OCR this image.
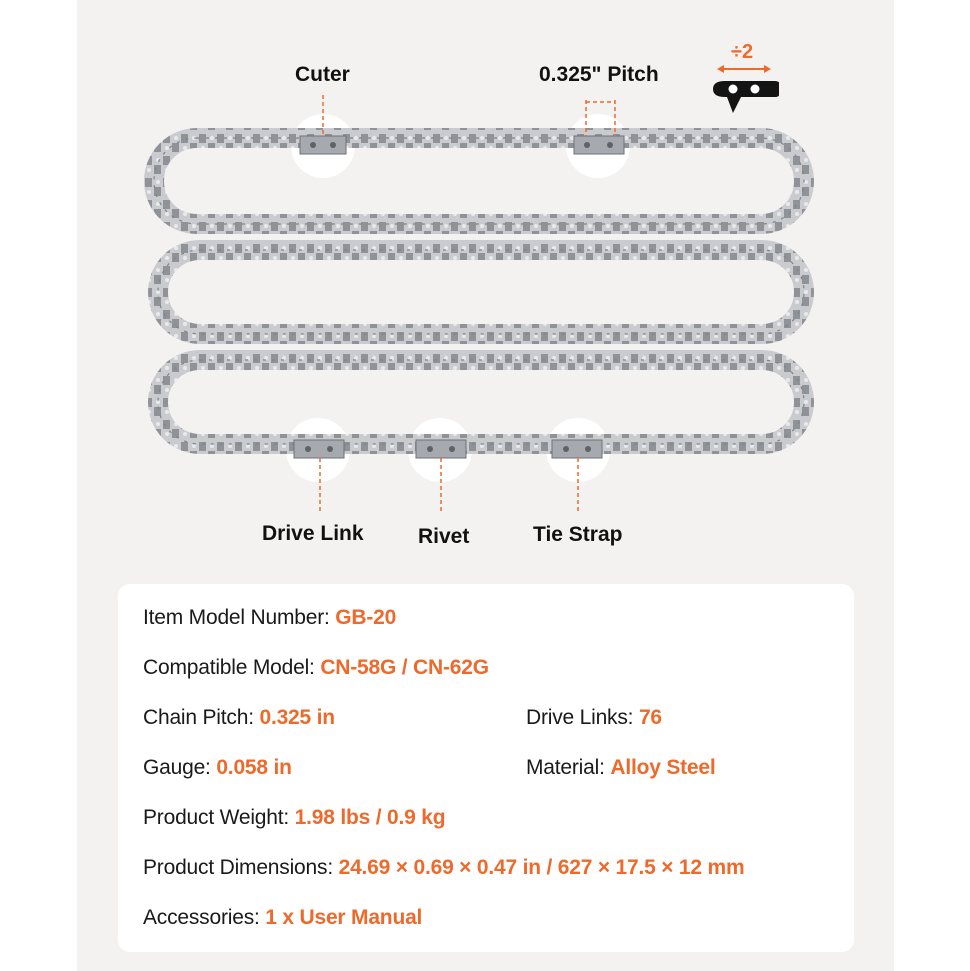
Cuter	0.325" Pitch
Drive Link	Rivet	Tie Strap
÷2
Item Model Number: GB-20
Compatible Model: CN-58G / CN-62G
Chain Pitch: 0.325 in	Drive Links: 76
Gauge: 0.058 in	Material: Alloy Steel
Product Weight: 1.98 lbs / 0.9 kg
Product Dimensions: 24.69 × 0.69 × 0.47 in / 627 × 17.5 × 12 mm
Accessories: 1 x User Manual
